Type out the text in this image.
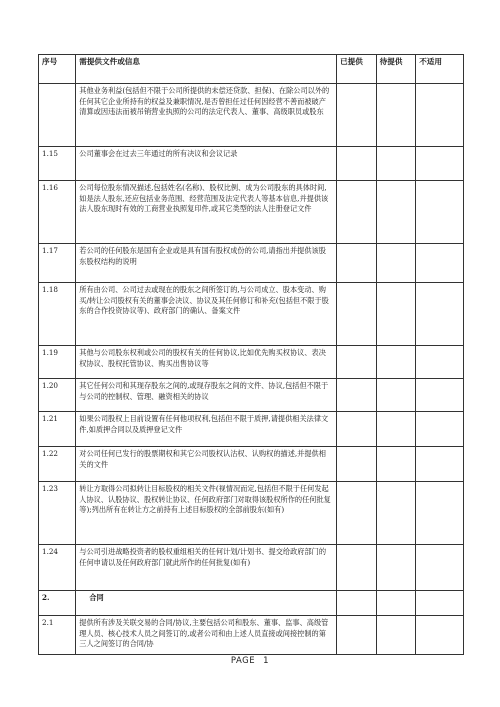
序号	需提供文件或信息	已提供	待提供	不适用
	其他业务利益(包括但不限于公司所提供的未偿还贷款、担保)、在除公司以外的任何其它企业所持有的权益及兼职情况,是否曾担任过任何因经营不善而被破产清算或因违法而被吊销营业执照的公司的法定代表人、董事、高级职员或股东			
1.15	公司董事会在过去三年通过的所有决议和会议记录			
1.16	公司每位股东情况描述,包括姓名(名称)、股权比例、成为公司股东的具体时间,如是法人股东,还应包括业务范围、经营范围及法定代表人等基本信息,并提供该法人股东现时有效的工商营业执照复印件,或其它类型的法人注册登记文件			
1.17	若公司的任何股东是国有企业或是具有国有股权成份的公司,请指出并提供该股东股权结构的说明			
1.18	所有由公司、公司过去或现在的股东之间所签订的,与公司成立、股本变动、购买/转让公司股权有关的董事会决议、协议及其任何修订和补充(包括但不限于股东的合作投资协议等)、政府部门的确认、备案文件			
1.19	其他与公司股东权利或公司的股权有关的任何协议,比如优先购买权协议、表决权协议、股权托管协议、购买出售协议等			
1.20	其它任何公司和其现存股东之间的,或现存股东之间的文件、协议,包括但不限于与公司的控制权、管理、融资相关的协议			
1.21	如果公司股权上目前设置有任何他项权利,包括但不限于质押,请提供相关法律文件,如质押合同以及质押登记文件			
1.22	对公司任何已发行的股票期权和其它公司股权认沽权、认购权的描述,并提供相关的文件			
1.23	转让方取得公司拟转让目标股权的相关文件(视情况而定,包括但不限于任何发起人协议、认股协议、股权转让协议、任何政府部门对取得该股权所作的任何批复等);列出所有在转让方之前持有上述目标股权的全部前股东(如有)			
1.24	与公司引进战略投资者的股权重组相关的任何计划/计划书、提交给政府部门的任何申请以及任何政府部门就此所作的任何批复(如有)			
2.	合同			
2.1	提供所有涉及关联交易的合同/协议,主要包括公司和股东、董事、监事、高级管理人员、核心技术人员之间签订的,或者公司和由上述人员直接或间接控制的第三人之间签订的合同/协			
PAGE 1
